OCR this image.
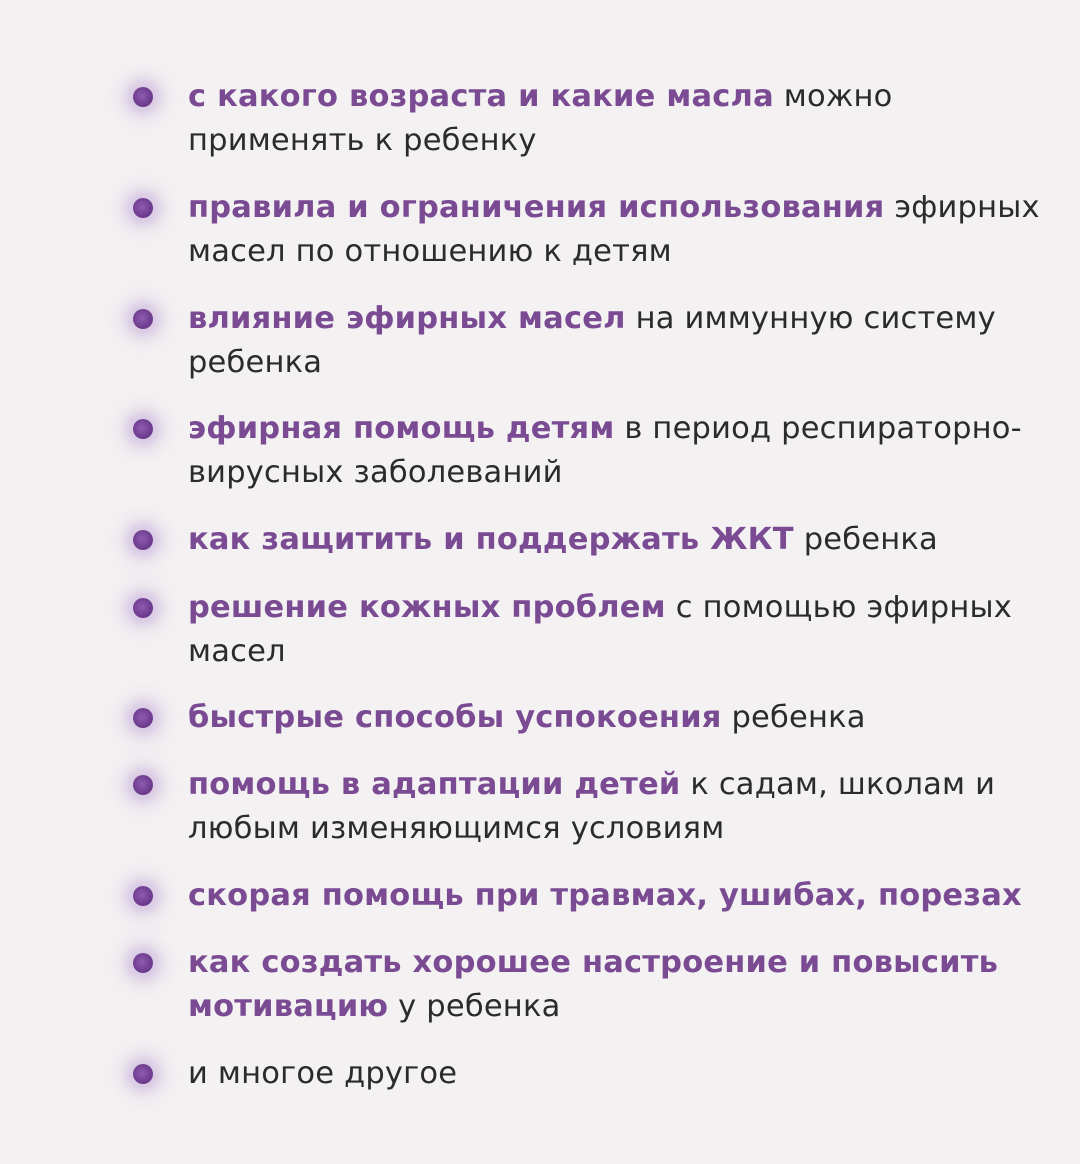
с какого возраста и какие масла можно применять к ребенку
правила и ограничения использования эфирных масел по отношению к детям
влияние эфирных масел на иммунную систему ребенка
эфирная помощь детям в период респираторно-вирусных заболеваний
как защитить и поддержать ЖКТ ребенка
решение кожных проблем с помощью эфирных масел
быстрые способы успокоения ребенка
помощь в адаптации детей к садам, школам и любым изменяющимся условиям
скорая помощь при травмах, ушибах, порезах
как создать хорошее настроение и повысить мотивацию у ребенка
и многое другое
